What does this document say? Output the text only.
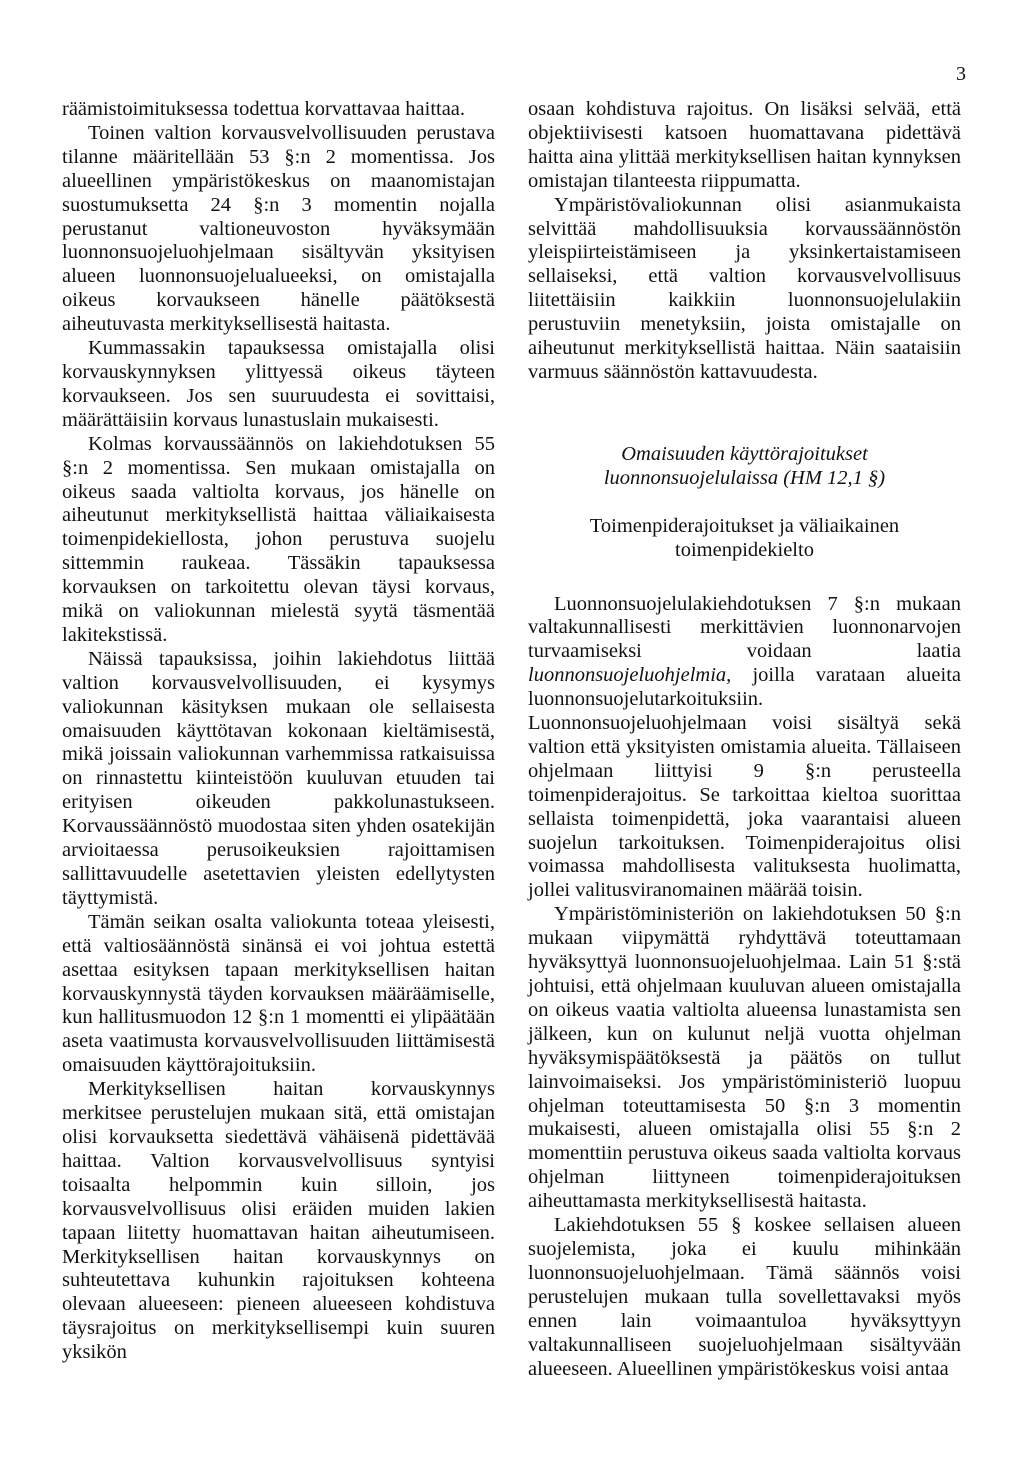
3

räämistoimituksessa todettua korvattavaa haittaa.

Toinen valtion korvausvelvollisuuden perustava tilanne määritellään 53 §:n 2 momentissa. Jos alueellinen ympäristökeskus on maanomistajan suostumuksetta 24 §:n 3 momentin nojalla perustanut valtioneuvoston hyväksymään luonnonsuojeluohjelmaan sisältyvän yksityisen alueen luonnonsuojelualueeksi, on omistajalla oikeus korvaukseen hänelle päätöksestä aiheutuvasta merkityksellisestä haitasta.

Kummassakin tapauksessa omistajalla olisi korvauskynnyksen ylittyessä oikeus täyteen korvaukseen. Jos sen suuruudesta ei sovittaisi, määrättäisiin korvaus lunastuslain mukaisesti.

Kolmas korvaussäännös on lakiehdotuksen 55 §:n 2 momentissa. Sen mukaan omistajalla on oikeus saada valtiolta korvaus, jos hänelle on aiheutunut merkityksellistä haittaa väliaikaisesta toimenpidekiellosta, johon perustuva suojelu sittemmin raukeaa. Tässäkin tapauksessa korvauksen on tarkoitettu olevan täysi korvaus, mikä on valiokunnan mielestä syytä täsmentää lakitekstissä.

Näissä tapauksissa, joihin lakiehdotus liittää valtion korvausvelvollisuuden, ei kysymys valiokunnan käsityksen mukaan ole sellaisesta omaisuuden käyttötavan kokonaan kieltämisestä, mikä joissain valiokunnan varhemmissa ratkaisuissa on rinnastettu kiinteistöön kuuluvan etuuden tai erityisen oikeuden pakkolunastukseen. Korvaussäännöstö muodostaa siten yhden osatekijän arvioitaessa perusoikeuksien rajoittamisen sallittavuudelle asetettavien yleisten edellytysten täyttymistä.

Tämän seikan osalta valiokunta toteaa yleisesti, että valtiosäännöstä sinänsä ei voi johtua estettä asettaa esityksen tapaan merkityksellisen haitan korvauskynnystä täyden korvauksen määräämiselle, kun hallitusmuodon 12 §:n 1 momentti ei ylipäätään aseta vaatimusta korvausvelvollisuuden liittämisestä omaisuuden käyttörajoituksiin.

Merkityksellisen haitan korvauskynnys merkitsee perustelujen mukaan sitä, että omistajan olisi korvauksetta siedettävä vähäisenä pidettävää haittaa. Valtion korvausvelvollisuus syntyisi toisaalta helpommin kuin silloin, jos korvausvelvollisuus olisi eräiden muiden lakien tapaan liitetty huomattavan haitan aiheutumiseen. Merkityksellisen haitan korvauskynnys on suhteutettava kuhunkin rajoituksen kohteena olevaan alueeseen: pieneen alueeseen kohdistuva täysrajoitus on merkityksellisempi kuin suuren yksikön

osaan kohdistuva rajoitus. On lisäksi selvää, että objektiivisesti katsoen huomattavana pidettävä haitta aina ylittää merkityksellisen haitan kynnyksen omistajan tilanteesta riippumatta.

Ympäristövaliokunnan olisi asianmukaista selvittää mahdollisuuksia korvaussäännöstön yleispiirteistämiseen ja yksinkertaistamiseen sellaiseksi, että valtion korvausvelvollisuus liitettäisiin kaikkiin luonnonsuojelulakiin perustuviin menetyksiin, joista omistajalle on aiheutunut merkityksellistä haittaa. Näin saataisiin varmuus säännöstön kattavuudesta.

Omaisuuden käyttörajoitukset luonnonsuojelulaissa (HM 12,1 §)
Toimenpiderajoitukset ja väliaikainen toimenpidekielto

Luonnonsuojelulakiehdotuksen 7 §:n mukaan valtakunnallisesti merkittävien luonnonarvojen turvaamiseksi voidaan laatia luonnonsuojeluohjelmia, joilla varataan alueita luonnonsuojelutarkoituksiin. Luonnonsuojeluohjelmaan voisi sisältyä sekä valtion että yksityisten omistamia alueita. Tällaiseen ohjelmaan liittyisi 9 §:n perusteella toimenpiderajoitus. Se tarkoittaa kieltoa suorittaa sellaista toimenpidettä, joka vaarantaisi alueen suojelun tarkoituksen. Toimenpiderajoitus olisi voimassa mahdollisesta valituksesta huolimatta, jollei valitusviranomainen määrää toisin.

Ympäristöministeriön on lakiehdotuksen 50 §:n mukaan viipymättä ryhdyttävä toteuttamaan hyväksyttyä luonnonsuojeluohjelmaa. Lain 51 §:stä johtuisi, että ohjelmaan kuuluvan alueen omistajalla on oikeus vaatia valtiolta alueensa lunastamista sen jälkeen, kun on kulunut neljä vuotta ohjelman hyväksymispäätöksestä ja päätös on tullut lainvoimaiseksi. Jos ympäristöministeriö luopuu ohjelman toteuttamisesta 50 §:n 3 momentin mukaisesti, alueen omistajalla olisi 55 §:n 2 momenttiin perustuva oikeus saada valtiolta korvaus ohjelman liittyneen toimenpiderajoituksen aiheuttamasta merkityksellisestä haitasta.

Lakiehdotuksen 55 § koskee sellaisen alueen suojelemista, joka ei kuulu mihinkään luonnonsuojeluohjelmaan. Tämä säännös voisi perustelujen mukaan tulla sovellettavaksi myös ennen lain voimaantuloa hyväksyttyyn valtakunnalliseen suojeluohjelmaan sisältyvään alueeseen. Alueellinen ympäristökeskus voisi antaa
